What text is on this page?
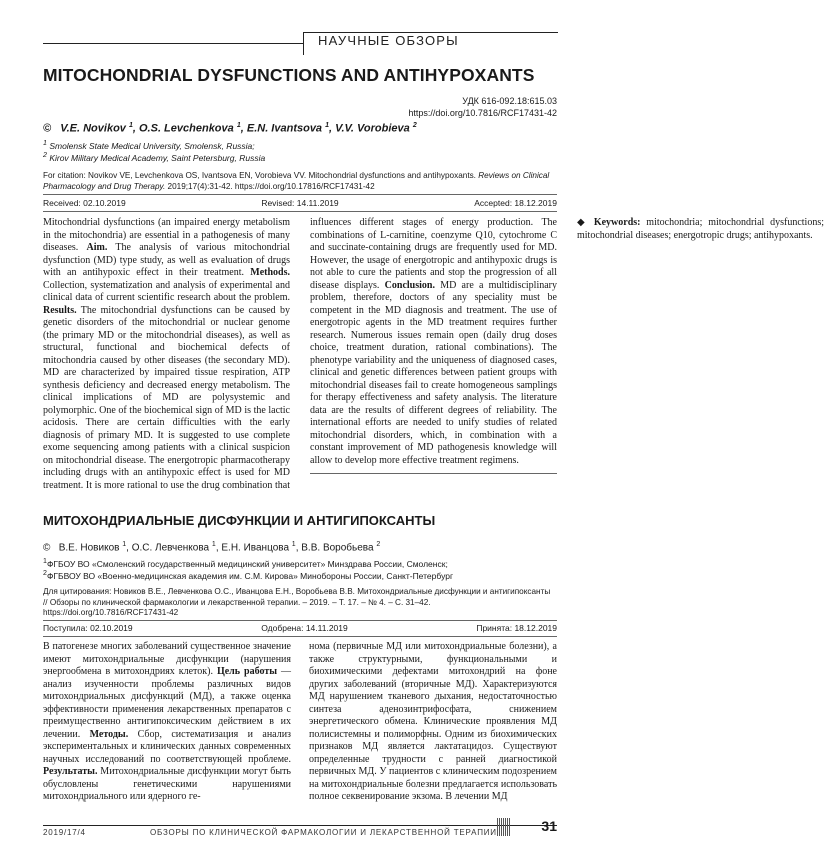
НАУЧНЫЕ ОБЗОРЫ
MITOCHONDRIAL DYSFUNCTIONS AND ANTIHYPOXANTS
УДК 616-092.18:615.03
https://doi.org/10.7816/RCF17431-42
© V.E. Novikov $^1$, O.S. Levchenkova $^1$, E.N. Ivantsova $^1$, V.V. Vorobieva $^2$
$^1$ Smolensk State Medical University, Smolensk, Russia;
$^2$ Kirov Military Medical Academy, Saint Petersburg, Russia
For citation: Novikov VE, Levchenkova OS, Ivantsova EN, Vorobieva VV. Mitochondrial dysfunctions and antihypoxants. Reviews on Clinical Pharmacology and Drug Therapy. 2019;17(4):31-42. https://doi.org/10.17816/RCF17431-42
Received: 02.10.2019	Revised: 14.11.2019	Accepted: 18.12.2019
Mitochondrial dysfunctions (an impaired energy metabolism in the mitochondria) are essential in a pathogenesis of many diseases. Aim. The analysis of various mitochondrial dysfunction (MD) type study, as well as evaluation of drugs with an antihypoxic effect in their treatment. Methods. Collection, systematization and analysis of experimental and clinical data of current scientific research about the problem. Results. The mitochondrial dysfunctions can be caused by genetic disorders of the mitochondrial or nuclear genome (the primary MD or the mitochondrial diseases), as well as structural, functional and biochemical defects of mitochondria caused by other diseases (the secondary MD). MD are characterized by impaired tissue respiration, ATP synthesis deficiency and decreased energy metabolism. The clinical implications of MD are polysystemic and polymorphic. One of the biochemical sign of MD is the lactic acidosis. There are certain difficulties with the early diagnosis of primary MD. It is suggested to use complete exome sequencing among patients with a clinical suspicion on mitochondrial disease. The energotropic pharmacotherapy including drugs with an antihypoxic effect is used for MD treatment. It is more rational to use the drug combination that influences different stages of energy production. The combinations of L-carnitine, coenzyme Q10, cytochrome C and succinate-containing drugs are frequently used for MD. However, the usage of energotropic and antihypoxic drugs is not able to cure the patients and stop the progression of all disease displays. Conclusion. MD are a multidisciplinary problem, therefore, doctors of any speciality must be competent in the MD diagnosis and treatment. The use of energotropic agents in the MD treatment requires further research. Numerous issues remain open (daily drug doses choice, treatment duration, rational combinations). The phenotype variability and the uniqueness of diagnosed cases, clinical and genetic differences between patient groups with mitochondrial diseases fail to create homogeneous samplings for therapy effectiveness and safety analysis. The literature data are the results of different degrees of reliability. The international efforts are needed to unify studies of related mitochondrial disorders, which, in combination with a constant improvement of MD pathogenesis knowledge will allow to develop more effective treatment regimens.
◆ Keywords: mitochondria; mitochondrial dysfunctions; mitochondrial diseases; energotropic drugs; antihypoxants.
МИТОХОНДРИАЛЬНЫЕ ДИСФУНКЦИИ И АНТИГИПОКСАНТЫ
© В.Е. Новиков $^1$, О.С. Левченкова $^1$, Е.Н. Иванцова $^1$, В.В. Воробьева $^2$
$^1$ФГБОУ ВО «Смоленский государственный медицинский университет» Минздрава России, Смоленск;
$^2$ФГБВОУ ВО «Военно-медицинская академия им. С.М. Кирова» Минобороны России, Санкт-Петербург
Для цитирования: Новиков В.Е., Левченкова О.С., Иванцова Е.Н., Воробьева В.В. Митохондриальные дисфункции и антигипоксанты // Обзоры по клинической фармакологии и лекарственной терапии. – 2019. – Т. 17. – № 4. – С. 31–42. https://doi.org/10.7816/RCF17431-42
Поступила: 02.10.2019	Одобрена: 14.11.2019	Принята: 18.12.2019
В патогенезе многих заболеваний существенное значение имеют митохондриальные дисфункции (нарушения энергообмена в митохондриях клеток). Цель работы — анализ изученности проблемы различных видов митохондриальных дисфункций (МД), а также оценка эффективности применения лекарственных препаратов с преимущественно антигипоксическим действием в их лечении. Методы. Сбор, систематизация и анализ экспериментальных и клинических данных современных научных исследований по соответствующей проблеме. Результаты. Митохондриальные дисфункции могут быть обусловлены генетическими нарушениями митохондриального или ядерного ге-
нома (первичные МД или митохондриальные болезни), а также структурными, функциональными и биохимическими дефектами митохондрий на фоне других заболеваний (вторичные МД). Характеризуются МД нарушением тканевого дыхания, недостаточностью синтеза аденозинтрифосфата, снижением энергетического обмена. Клинические проявления МД полисистемны и полиморфны. Одним из биохимических признаков МД является лактатацидоз. Существуют определенные трудности с ранней диагностикой первичных МД. У пациентов с клиническим подозрением на митохондриальные болезни предлагается использовать полное секвенирование экзома. В лечении МД
2019/17/4	ОБЗОРЫ ПО КЛИНИЧЕСКОЙ ФАРМАКОЛОГИИ И ЛЕКАРСТВЕННОЙ ТЕРАПИИ	31
